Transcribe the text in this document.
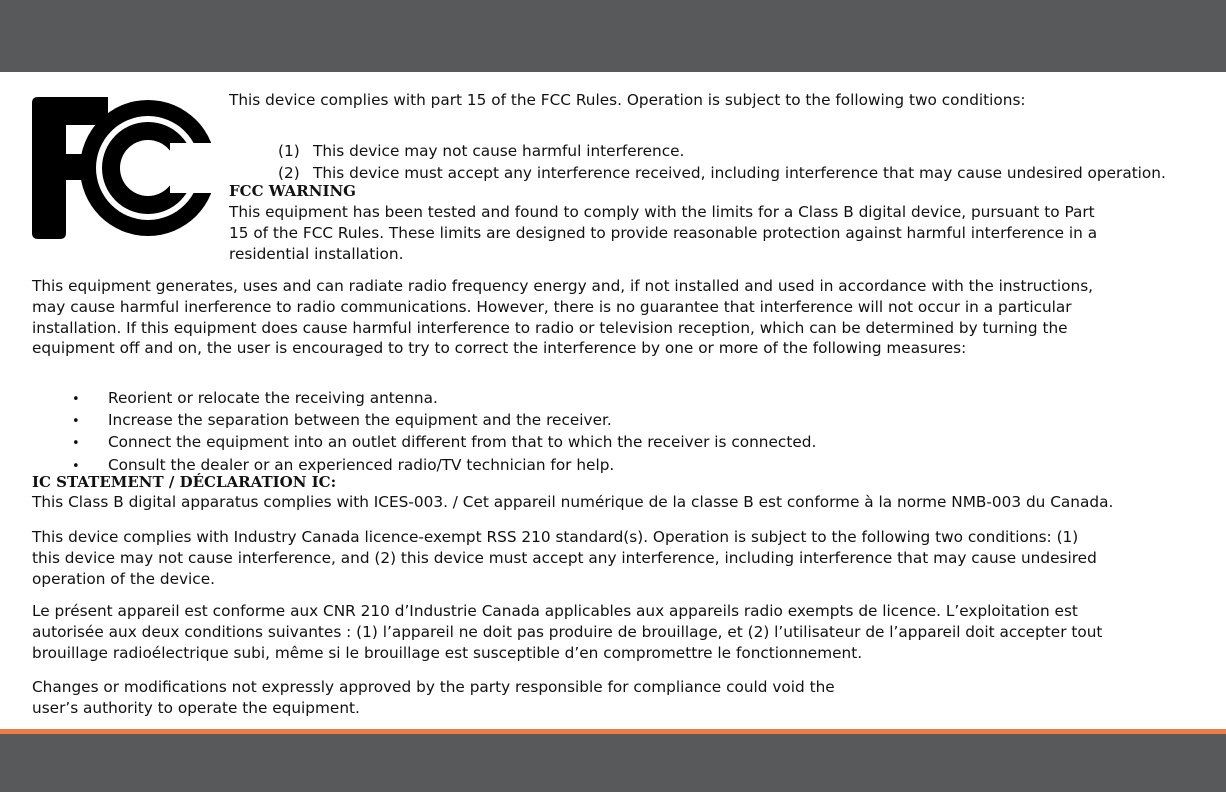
This device complies with part 15 of the FCC Rules. Operation is subject to the following two conditions:

(1) This device may not cause harmful interference.
(2) This device must accept any interference received, including interference that may cause undesired operation.
FCC WARNING

This equipment has been tested and found to comply with the limits for a Class B digital device, pursuant to Part

15 of the FCC Rules. These limits are designed to provide reasonable protection against harmful interference in a

residential installation.

This equipment generates, uses and can radiate radio frequency energy and, if not installed and used in accordance with the instructions,

may cause harmful inerference to radio communications. However, there is no guarantee that interference will not occur in a particular

installation. If this equipment does cause harmful interference to radio or television reception, which can be determined by turning the

equipment off and on, the user is encouraged to try to correct the interference by one or more of the following measures:

• Reorient or relocate the receiving antenna.
• Increase the separation between the equipment and the receiver.
• Connect the equipment into an outlet different from that to which the receiver is connected.
• Consult the dealer or an experienced radio/TV technician for help.
IC STATEMENT / DÉCLARATION IC:

This Class B digital apparatus complies with ICES-003. / Cet appareil numérique de la classe B est conforme à la norme NMB-003 du Canada.

This device complies with Industry Canada licence-exempt RSS 210 standard(s). Operation is subject to the following two conditions: (1)

this device may not cause interference, and (2) this device must accept any interference, including interference that may cause undesired

operation of the device.

Le présent appareil est conforme aux CNR 210 d’Industrie Canada applicables aux appareils radio exempts de licence. L’exploitation est

autorisée aux deux conditions suivantes : (1) l’appareil ne doit pas produire de brouillage, et (2) l’utilisateur de l’appareil doit accepter tout

brouillage radioélectrique subi, même si le brouillage est susceptible d’en compromettre le fonctionnement.

Changes or modifications not expressly approved by the party responsible for compliance could void the

user’s authority to operate the equipment.
